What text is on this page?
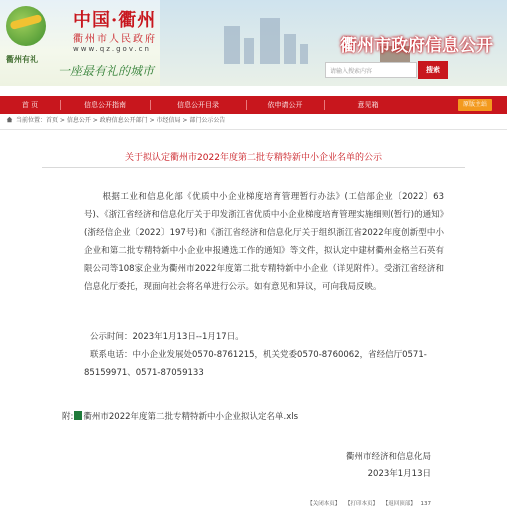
衢州有礼
中国·衢州
衢州市人民政府
www.qz.gov.cn
一座最有礼的城市
衢州市政府信息公开
请输入搜索内容	搜索
首 页	信息公开指南	信息公开目录	依申请公开	意见箱	原版主站
当前位置：首页 > 信息公开 > 政府信息公开部门 > 市经信局 > 部门公示公告
关于拟认定衢州市2022年度第二批专精特新中小企业名单的公示
根据工业和信息化部《优质中小企业梯度培育管理暂行办法》(工信部企业〔2022〕63号)、《浙江省经济和信息化厅关于印发浙江省优质中小企业梯度培育管理实施细则(暂行)的通知》(浙经信企业〔2022〕197号)和《浙江省经济和信息化厅关于组织浙江省2022年度创新型中小企业和第二批专精特新中小企业申报遴选工作的通知》等文件，拟认定中建材衢州金格兰石英有限公司等108家企业为衢州市2022年度第二批专精特新中小企业（详见附件）。受浙江省经济和信息化厅委托，现面向社会将名单进行公示。如有意见和异议，可向我局反映。
公示时间：2023年1月13日--1月17日。
联系电话：中小企业发展处0570-8761215，机关党委0570-8760062，省经信厅0571-85159971、0571-87059133
附: 衢州市2022年度第二批专精特新中小企业拟认定名单.xls
衢州市经济和信息化局
2023年1月13日
【关闭本页】 【打印本页】 【返回顶部】 137
